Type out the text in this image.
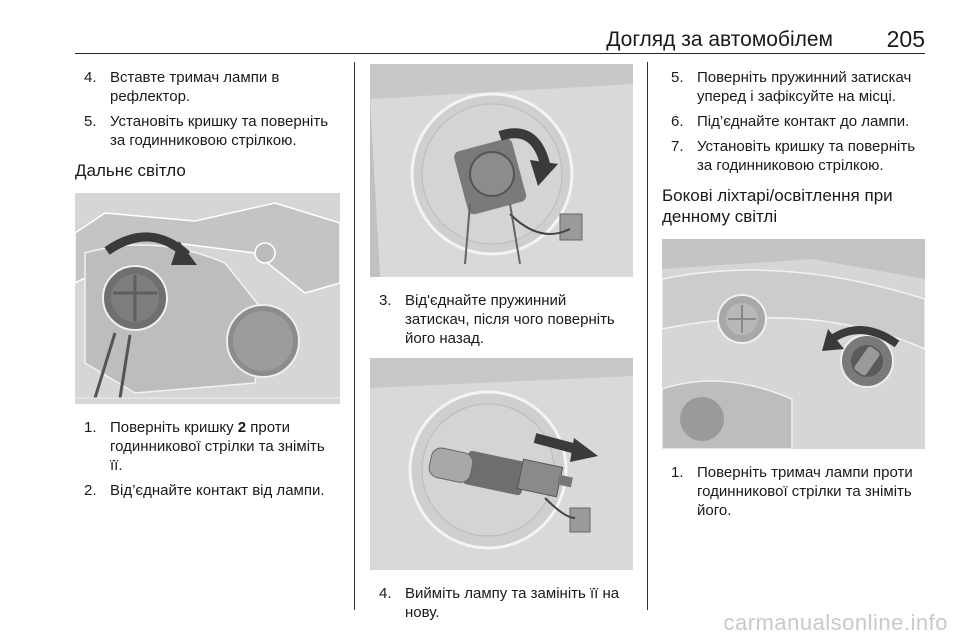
Догляд за автомобілем 205
4. Вставте тримач лампи в рефлектор.
5. Установіть кришку та поверніть за годинниковою стрілкою.
Дальнє світло
1. Поверніть кришку 2 проти годинникової стрілки та зніміть її.
2. Від’єднайте контакт від лампи.
3. Від'єднайте пружинний затискач, після чого поверніть його назад.
4. Вийміть лампу та замініть її на нову.
5. Поверніть пружинний затискач уперед і зафіксуйте на місці.
6. Під’єднайте контакт до лампи.
7. Установіть кришку та поверніть за годинниковою стрілкою.
Бокові ліхтарі/освітлення при денному світлі
1. Поверніть тримач лампи проти годинникової стрілки та зніміть його.
carmanualsonline.info
